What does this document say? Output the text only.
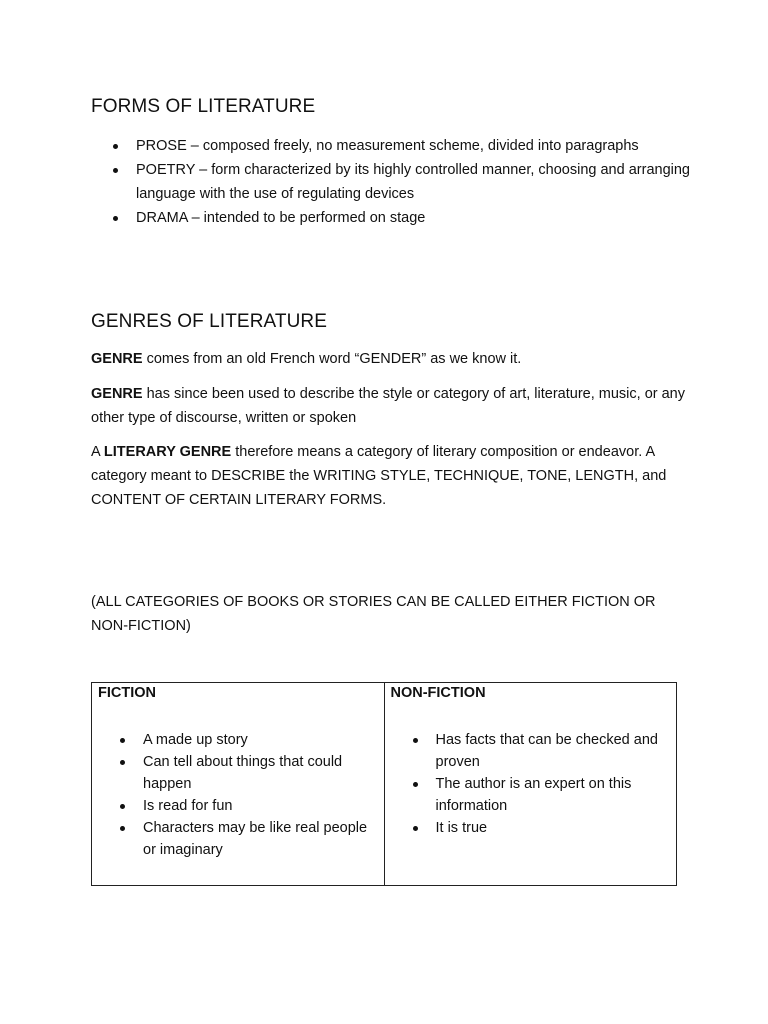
FORMS OF LITERATURE
PROSE – composed freely, no measurement scheme, divided into paragraphs
POETRY – form characterized by its highly controlled manner, choosing and arranging language with the use of regulating devices
DRAMA – intended to be performed on stage
GENRES OF LITERATURE

GENRE comes from an old French word “GENDER” as we know it.

GENRE has since been used to describe the style or category of art, literature, music, or any other type of discourse, written or spoken

A LITERARY GENRE therefore means a category of literary composition or endeavor. A category meant to DESCRIBE the WRITING STYLE, TECHNIQUE, TONE, LENGTH, and CONTENT OF CERTAIN LITERARY FORMS.

(ALL CATEGORIES OF BOOKS OR STORIES CAN BE CALLED EITHER FICTION OR NON-FICTION)

FICTION
A made up story
Can tell about things that could happen
Is read for fun
Characters may be like real people or imaginary
NON-FICTION
Has facts that can be checked and proven
The author is an expert on this information
It is true
